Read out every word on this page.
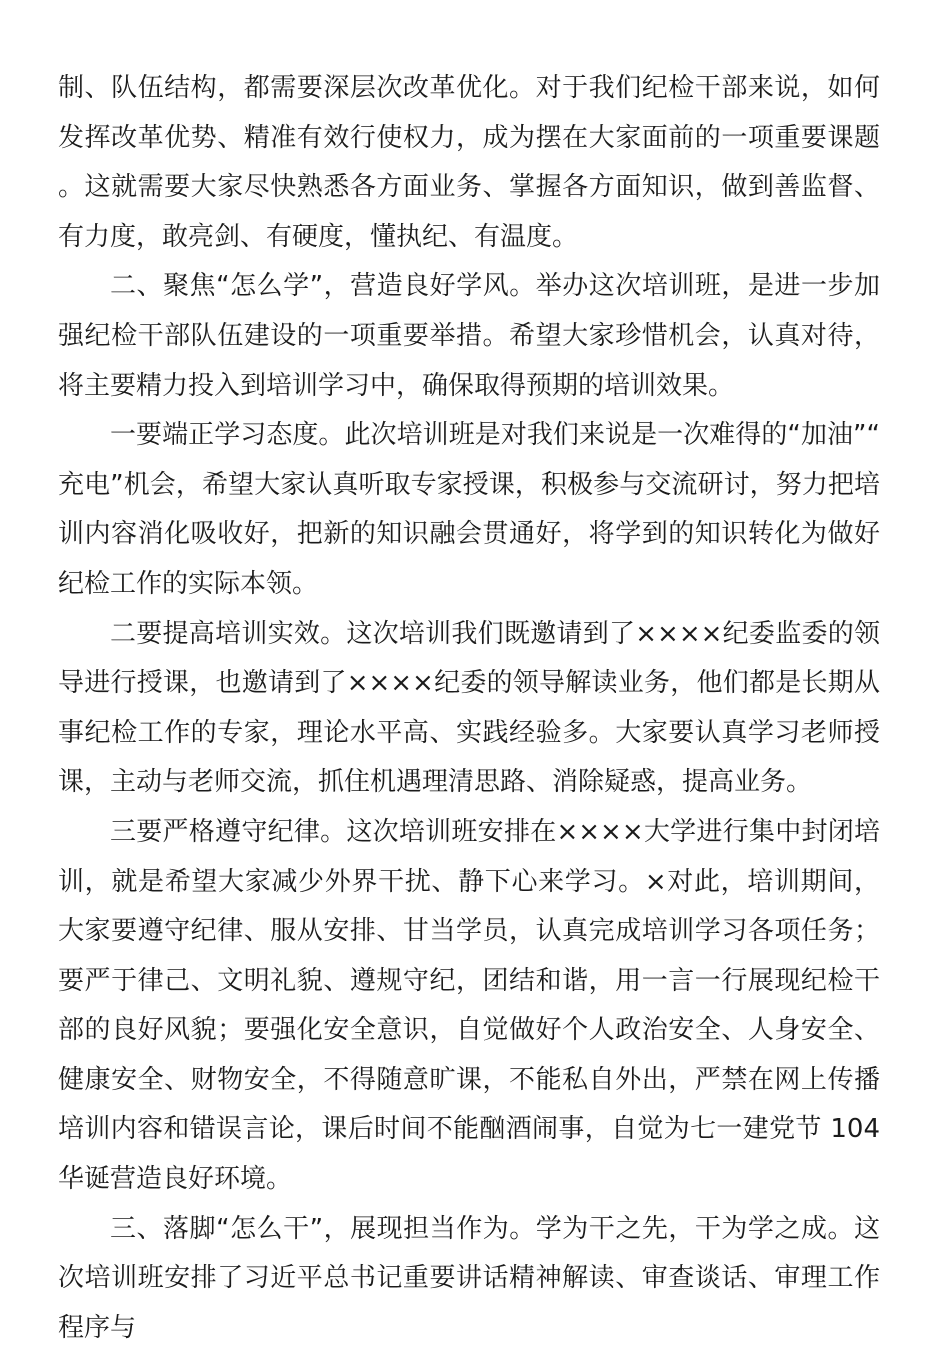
制、队伍结构，都需要深层次改革优化。对于我们纪检干部来说，如何发挥改革优势、精准有效行使权力，成为摆在大家面前的一项重要课题。这就需要大家尽快熟悉各方面业务、掌握各方面知识，做到善监督、有力度，敢亮剑、有硬度，懂执纪、有温度。

二、聚焦“怎么学”，营造良好学风。举办这次培训班，是进一步加强纪检干部队伍建设的一项重要举措。希望大家珍惜机会，认真对待，将主要精力投入到培训学习中，确保取得预期的培训效果。

一要端正学习态度。此次培训班是对我们来说是一次难得的“加油”“充电”机会，希望大家认真听取专家授课，积极参与交流研讨，努力把培训内容消化吸收好，把新的知识融会贯通好，将学到的知识转化为做好纪检工作的实际本领。

二要提高培训实效。这次培训我们既邀请到了××××纪委监委的领导进行授课，也邀请到了××××纪委的领导解读业务，他们都是长期从事纪检工作的专家，理论水平高、实践经验多。大家要认真学习老师授课，主动与老师交流，抓住机遇理清思路、消除疑惑，提高业务。

三要严格遵守纪律。这次培训班安排在××××大学进行集中封闭培训，就是希望大家减少外界干扰、静下心来学习。×对此，培训期间，大家要遵守纪律、服从安排、甘当学员，认真完成培训学习各项任务；要严于律己、文明礼貌、遵规守纪，团结和谐，用一言一行展现纪检干部的良好风貌；要强化安全意识，自觉做好个人政治安全、人身安全、健康安全、财物安全，不得随意旷课，不能私自外出，严禁在网上传播培训内容和错误言论，课后时间不能酗酒闹事，自觉为七一建党节 104 华诞营造良好环境。

三、落脚“怎么干”，展现担当作为。学为干之先，干为学之成。这次培训班安排了习近平总书记重要讲话精神解读、审查谈话、审理工作程序与
